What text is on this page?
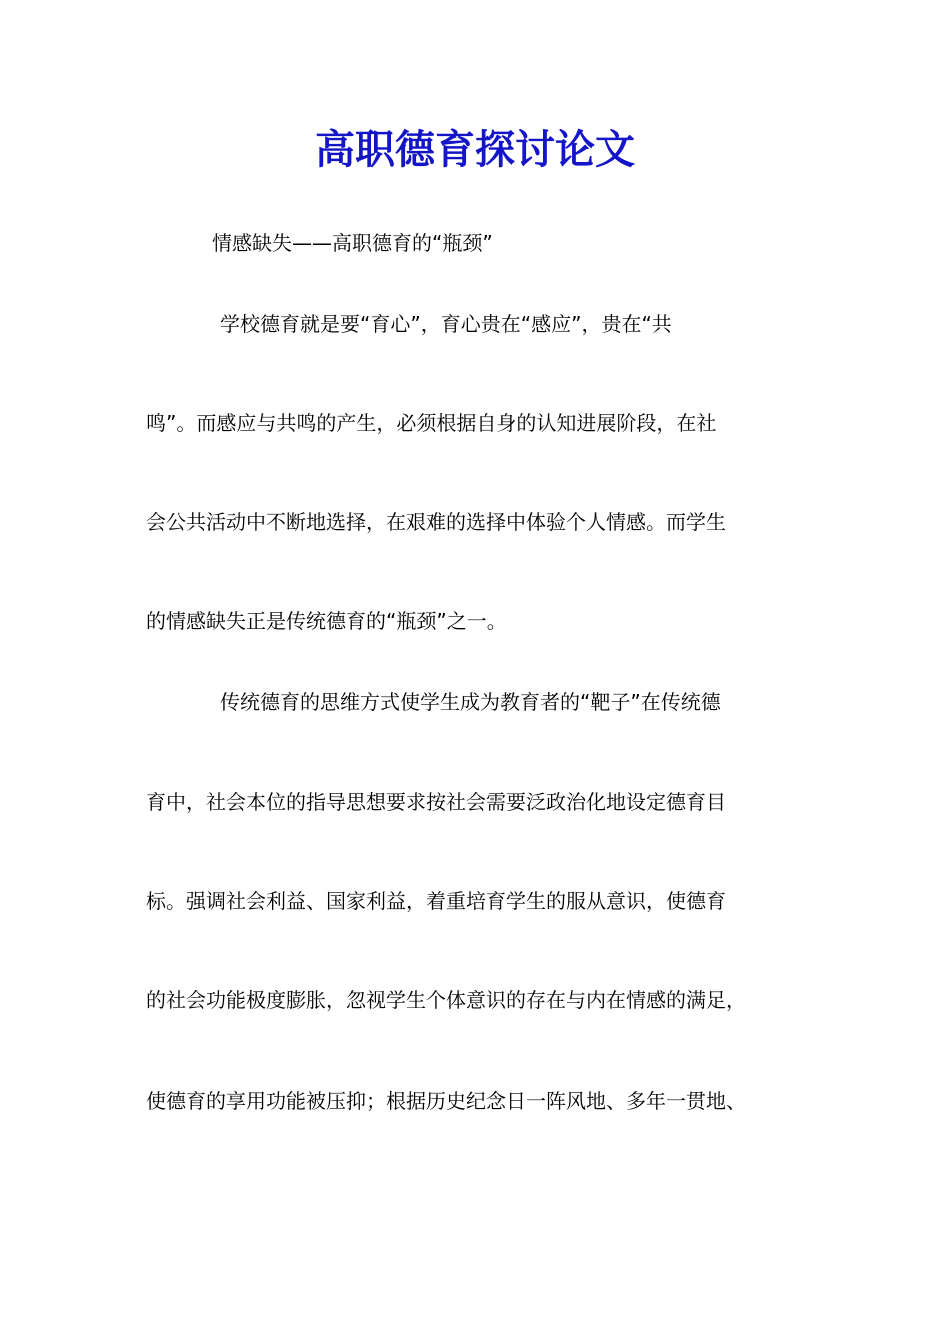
高职德育探讨论文

情感缺失——高职德育的“瓶颈”

学校德育就是要“育心”，育心贵在“感应”，贵在“共

鸣”。而感应与共鸣的产生，必须根据自身的认知进展阶段，在社

会公共活动中不断地选择，在艰难的选择中体验个人情感。而学生

的情感缺失正是传统德育的“瓶颈”之一。

传统德育的思维方式使学生成为教育者的“靶子”在传统德

育中，社会本位的指导思想要求按社会需要泛政治化地设定德育目

标。强调社会利益、国家利益，着重培育学生的服从意识，使德育

的社会功能极度膨胀，忽视学生个体意识的存在与内在情感的满足，

使德育的享用功能被压抑；根据历史纪念日一阵风地、多年一贯地、
